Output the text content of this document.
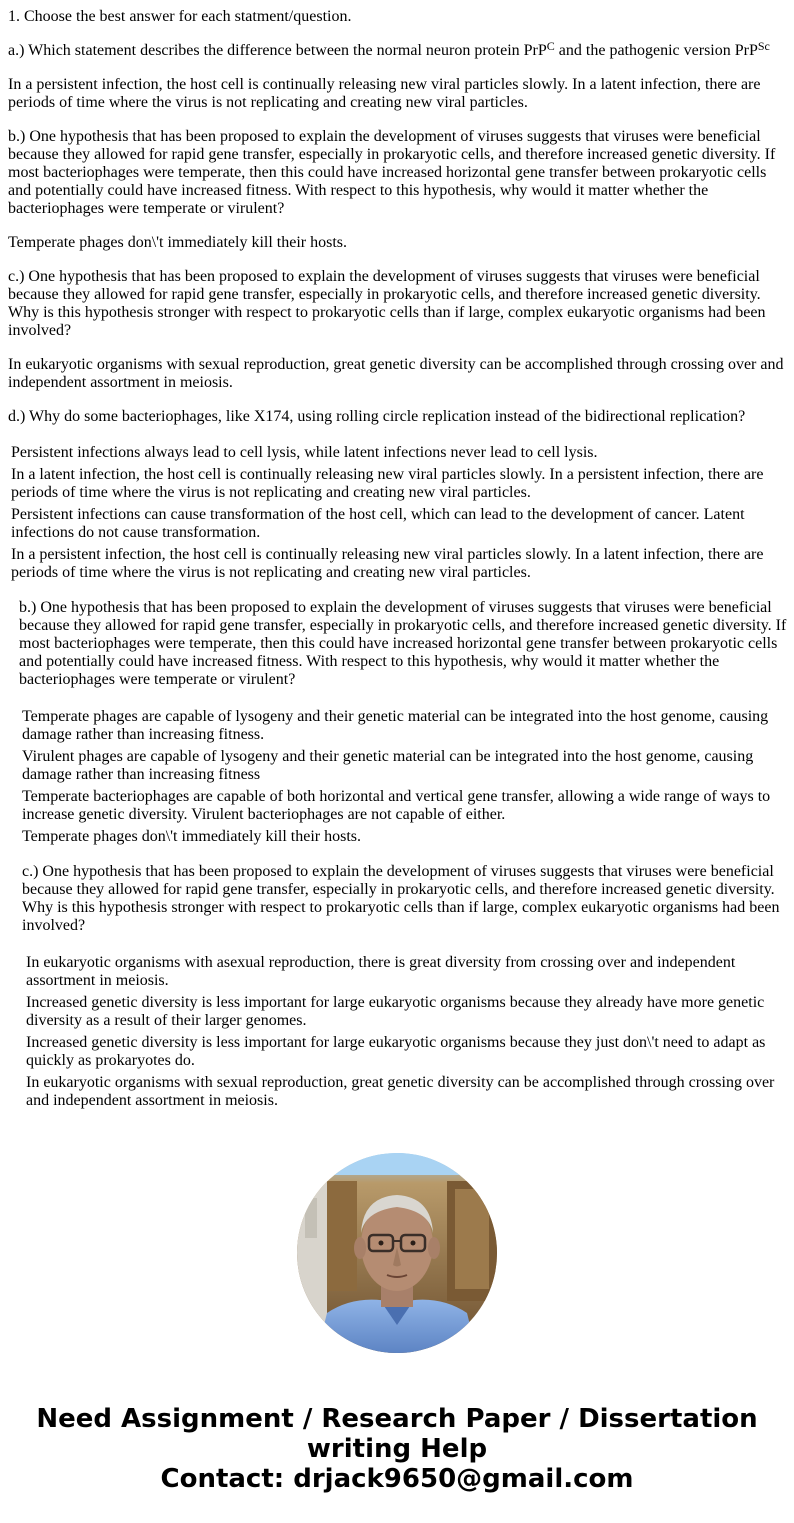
1. Choose the best answer for each statment/question.

a.) Which statement describes the difference between the normal neuron protein PrP$^C$ and the pathogenic version PrP$^{Sc}$

In a persistent infection, the host cell is continually releasing new viral particles slowly. In a latent infection, there are periods of time where the virus is not replicating and creating new viral particles.

b.) One hypothesis that has been proposed to explain the development of viruses suggests that viruses were beneficial because they allowed for rapid gene transfer, especially in prokaryotic cells, and therefore increased genetic diversity. If most bacteriophages were temperate, then this could have increased horizontal gene transfer between prokaryotic cells and potentially could have increased fitness. With respect to this hypothesis, why would it matter whether the bacteriophages were temperate or virulent?

Temperate phages don\'t immediately kill their hosts.

c.) One hypothesis that has been proposed to explain the development of viruses suggests that viruses were beneficial because they allowed for rapid gene transfer, especially in prokaryotic cells, and therefore increased genetic diversity. Why is this hypothesis stronger with respect to prokaryotic cells than if large, complex eukaryotic organisms had been involved?

In eukaryotic organisms with sexual reproduction, great genetic diversity can be accomplished through crossing over and independent assortment in meiosis.

d.) Why do some bacteriophages, like X174, using rolling circle replication instead of the bidirectional replication?

Persistent infections always lead to cell lysis, while latent infections never lead to cell lysis.
In a latent infection, the host cell is continually releasing new viral particles slowly. In a persistent infection, there are periods of time where the virus is not replicating and creating new viral particles.
Persistent infections can cause transformation of the host cell, which can lead to the development of cancer. Latent infections do not cause transformation.
In a persistent infection, the host cell is continually releasing new viral particles slowly. In a latent infection, there are periods of time where the virus is not replicating and creating new viral particles.

b.) One hypothesis that has been proposed to explain the development of viruses suggests that viruses were beneficial because they allowed for rapid gene transfer, especially in prokaryotic cells, and therefore increased genetic diversity. If most bacteriophages were temperate, then this could have increased horizontal gene transfer between prokaryotic cells and potentially could have increased fitness. With respect to this hypothesis, why would it matter whether the bacteriophages were temperate or virulent?

Temperate phages are capable of lysogeny and their genetic material can be integrated into the host genome, causing damage rather than increasing fitness.
Virulent phages are capable of lysogeny and their genetic material can be integrated into the host genome, causing damage rather than increasing fitness
Temperate bacteriophages are capable of both horizontal and vertical gene transfer, allowing a wide range of ways to increase genetic diversity. Virulent bacteriophages are not capable of either.
Temperate phages don\'t immediately kill their hosts.

c.) One hypothesis that has been proposed to explain the development of viruses suggests that viruses were beneficial because they allowed for rapid gene transfer, especially in prokaryotic cells, and therefore increased genetic diversity. Why is this hypothesis stronger with respect to prokaryotic cells than if large, complex eukaryotic organisms had been involved?

In eukaryotic organisms with asexual reproduction, there is great diversity from crossing over and independent assortment in meiosis.
Increased genetic diversity is less important for large eukaryotic organisms because they already have more genetic diversity as a result of their larger genomes.
Increased genetic diversity is less important for large eukaryotic organisms because they just don\'t need to adapt as quickly as prokaryotes do.
In eukaryotic organisms with sexual reproduction, great genetic diversity can be accomplished through crossing over and independent assortment in meiosis.
Need Assignment / Research Paper / Dissertation
writing Help
Contact: drjack9650@gmail.com
